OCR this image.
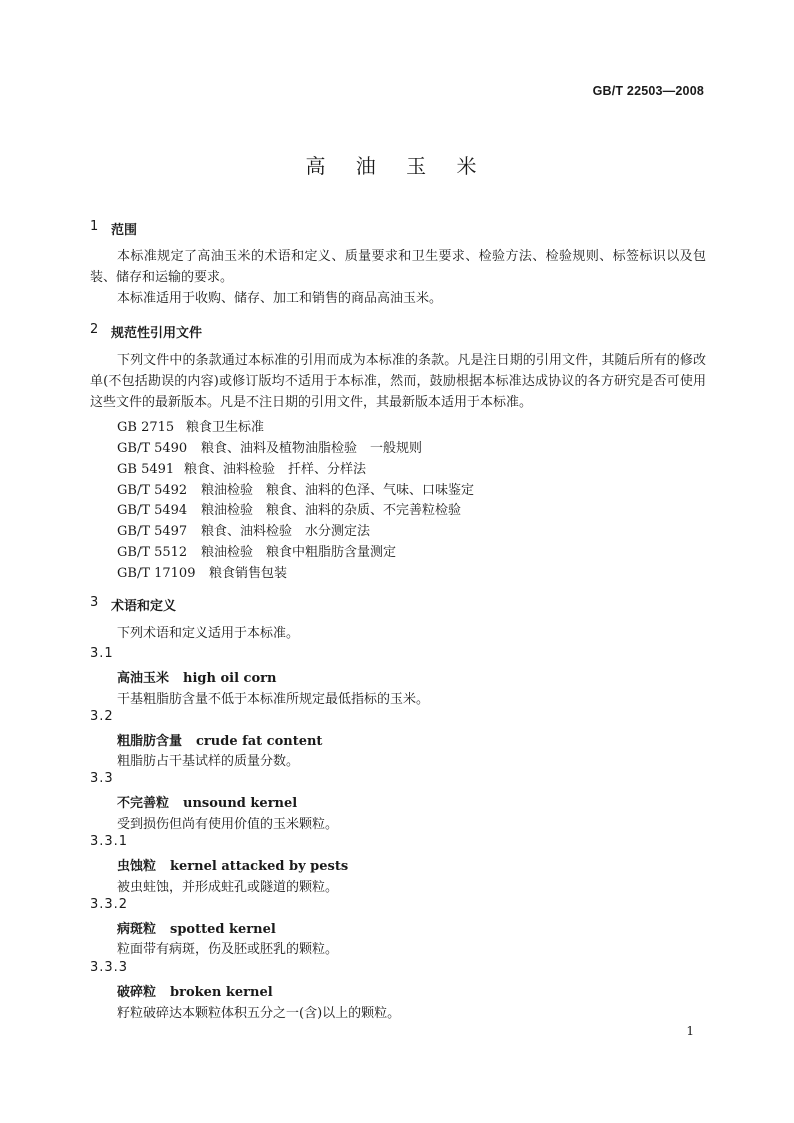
GB/T 22503—2008
高 油 玉 米
1 范围
本标准规定了高油玉米的术语和定义、质量要求和卫生要求、检验方法、检验规则、标签标识以及包装、储存和运输的要求。
本标准适用于收购、储存、加工和销售的商品高油玉米。
2 规范性引用文件
下列文件中的条款通过本标准的引用而成为本标准的条款。凡是注日期的引用文件，其随后所有的修改单(不包括勘误的内容)或修订版均不适用于本标准，然而，鼓励根据本标准达成协议的各方研究是否可使用这些文件的最新版本。凡是不注日期的引用文件，其最新版本适用于本标准。
GB 2715 粮食卫生标准
GB/T 5490 粮食、油料及植物油脂检验　一般规则
GB 5491 粮食、油料检验　扦样、分样法
GB/T 5492 粮油检验　粮食、油料的色泽、气味、口味鉴定
GB/T 5494 粮油检验　粮食、油料的杂质、不完善粒检验
GB/T 5497 粮食、油料检验　水分测定法
GB/T 5512 粮油检验　粮食中粗脂肪含量测定
GB/T 17109 粮食销售包装
3 术语和定义
下列术语和定义适用于本标准。
3.1
高油玉米 high oil corn
干基粗脂肪含量不低于本标准所规定最低指标的玉米。
3.2
粗脂肪含量 crude fat content
粗脂肪占干基试样的质量分数。
3.3
不完善粒 unsound kernel
受到损伤但尚有使用价值的玉米颗粒。
3.3.1
虫蚀粒 kernel attacked by pests
被虫蛀蚀，并形成蛀孔或隧道的颗粒。
3.3.2
病斑粒 spotted kernel
粒面带有病斑，伤及胚或胚乳的颗粒。
3.3.3
破碎粒 broken kernel
籽粒破碎达本颗粒体积五分之一(含)以上的颗粒。
1
